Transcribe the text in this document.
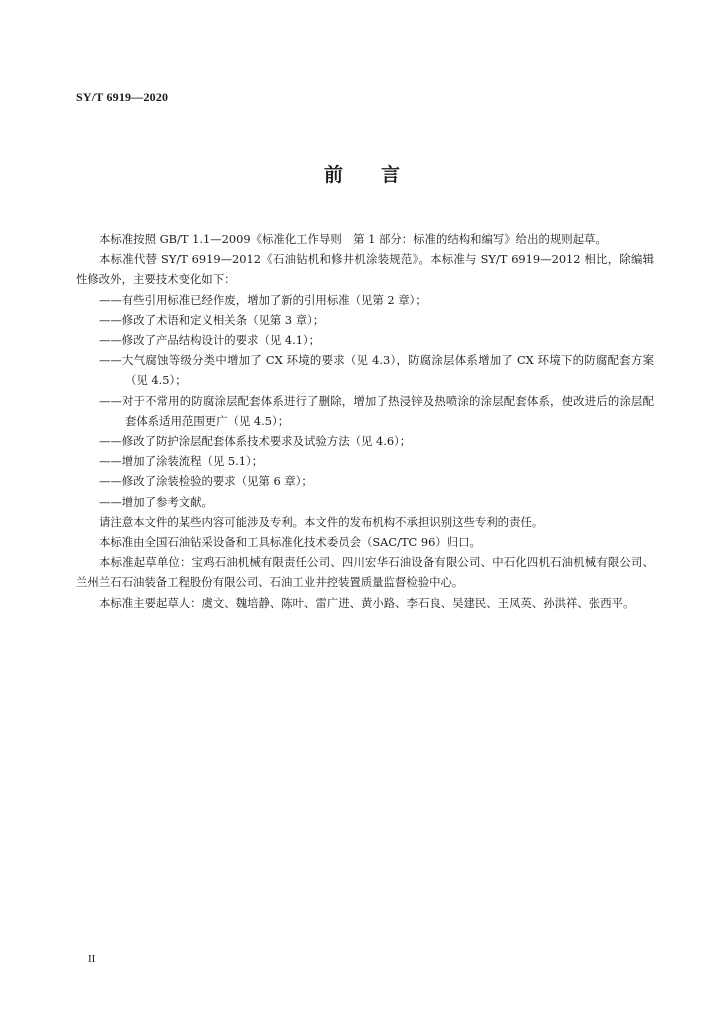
SY/T 6919—2020
前 言

本标准按照 GB/T 1.1—2009《标准化工作导则　第 1 部分：标准的结构和编写》给出的规则起草。

本标准代替 SY/T 6919—2012《石油钻机和修井机涂装规范》。本标准与 SY/T 6919—2012 相比，除编辑性修改外，主要技术变化如下：

——有些引用标准已经作废，增加了新的引用标准（见第 2 章）；

——修改了术语和定义相关条（见第 3 章）；

——修改了产品结构设计的要求（见 4.1）；

——大气腐蚀等级分类中增加了 CX 环境的要求（见 4.3），防腐涂层体系增加了 CX 环境下的防腐配套方案（见 4.5）；

——对于不常用的防腐涂层配套体系进行了删除，增加了热浸锌及热喷涂的涂层配套体系，使改进后的涂层配套体系适用范围更广（见 4.5）；

——修改了防护涂层配套体系技术要求及试验方法（见 4.6）；

——增加了涂装流程（见 5.1）；

——修改了涂装检验的要求（见第 6 章）；

——增加了参考文献。

请注意本文件的某些内容可能涉及专利。本文件的发布机构不承担识别这些专利的责任。

本标准由全国石油钻采设备和工具标准化技术委员会（SAC/TC 96）归口。

本标准起草单位：宝鸡石油机械有限责任公司、四川宏华石油设备有限公司、中石化四机石油机械有限公司、兰州兰石石油装备工程股份有限公司、石油工业井控装置质量监督检验中心。

本标准主要起草人：虞文、魏培静、陈叶、雷广进、黄小路、李石良、吴建民、王凤英、孙洪祥、张西平。

II
